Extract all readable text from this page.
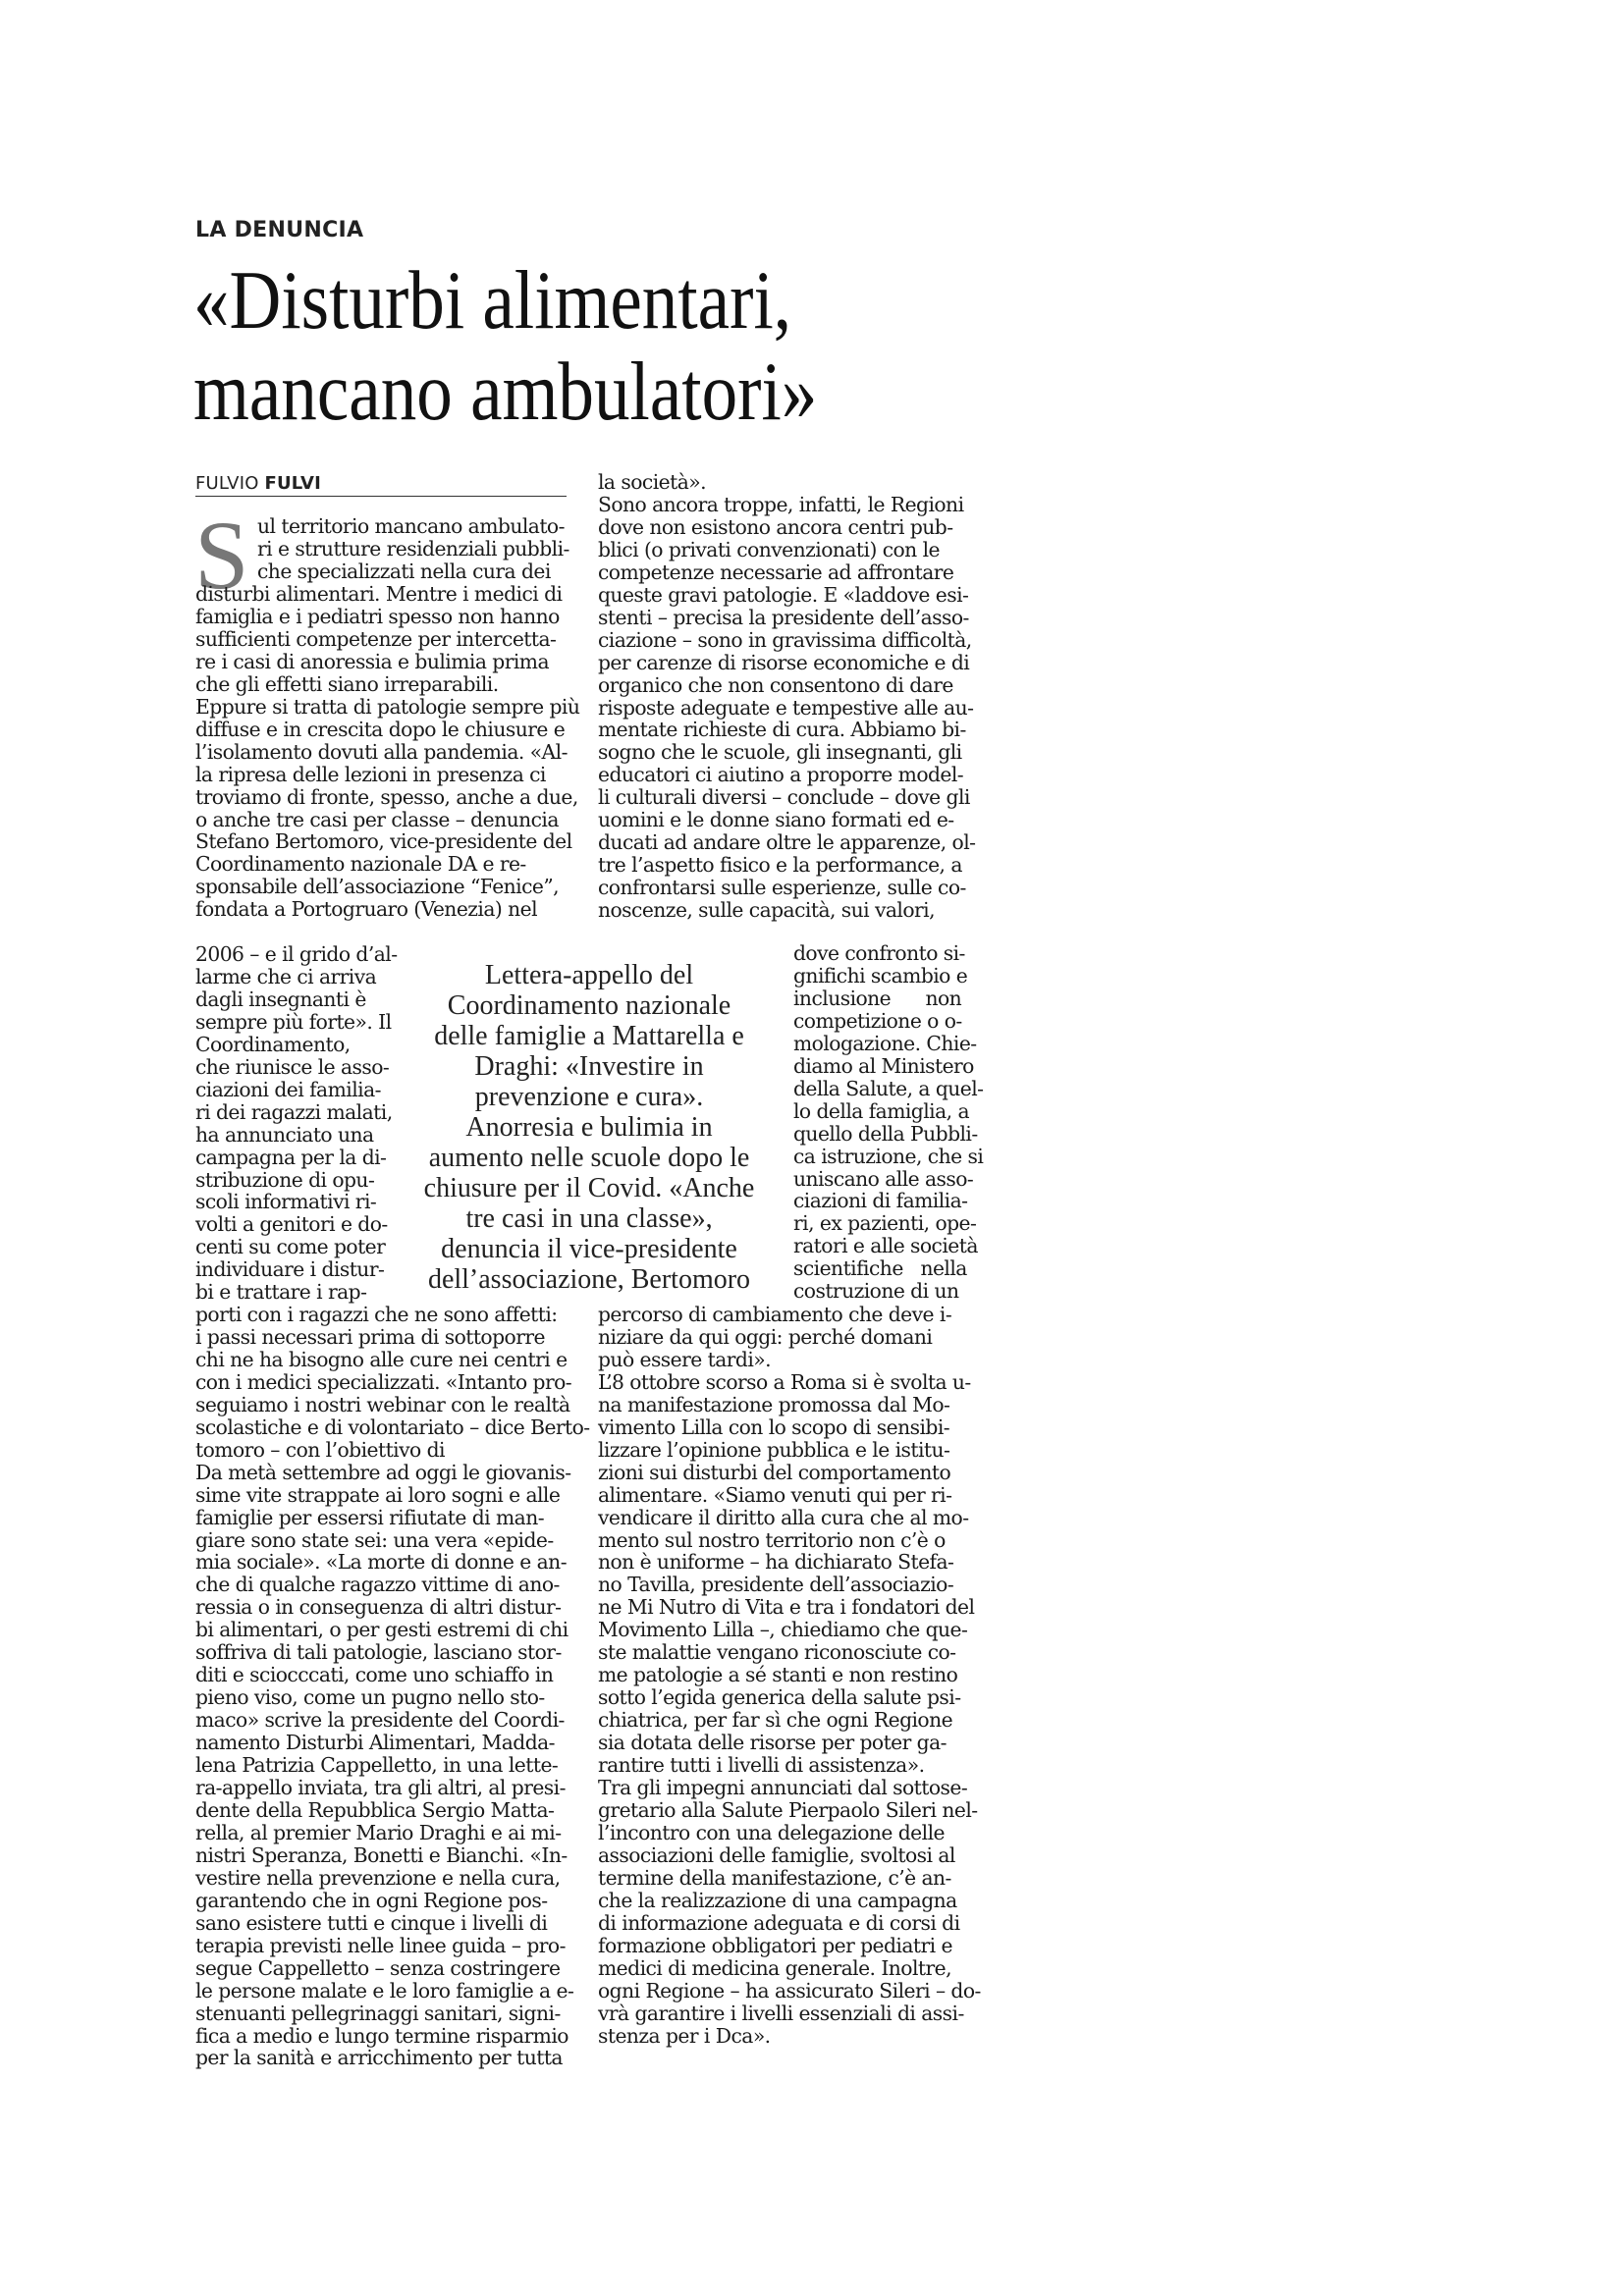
LA DENUNCIA
«Disturbi alimentari,
mancano ambulatori»
FULVIO FULVI
S ul territorio mancano ambulato-
ri e strutture residenziali pubbli-
che specializzati nella cura dei
disturbi alimentari. Mentre i medici di
famiglia e i pediatri spesso non hanno
sufficienti competenze per intercetta-
re i casi di anoressia e bulimia prima
che gli effetti siano irreparabili.
Eppure si tratta di patologie sempre più
diffuse e in crescita dopo le chiusure e
l’isolamento dovuti alla pandemia. «Al-
la ripresa delle lezioni in presenza ci
troviamo di fronte, spesso, anche a due,
o anche tre casi per classe – denuncia
Stefano Bertomoro, vice-presidente del
Coordinamento nazionale DA e re-
sponsabile dell’associazione “Fenice”,
fondata a Portogruaro (Venezia) nel
2006 – e il grido d’al-
larme che ci arriva
dagli insegnanti è
sempre più forte». Il
Coordinamento,
che riunisce le asso-
ciazioni dei familia-
ri dei ragazzi malati,
ha annunciato una
campagna per la di-
stribuzione di opu-
scoli informativi ri-
volti a genitori e do-
centi su come poter
individuare i distur-
bi e trattare i rap-
porti con i ragazzi che ne sono affetti:
i passi necessari prima di sottoporre
chi ne ha bisogno alle cure nei centri e
con i medici specializzati. «Intanto pro-
seguiamo i nostri webinar con le realtà
scolastiche e di volontariato – dice Berto-
tomoro – con l’obiettivo di
Da metà settembre ad oggi le giovanis-
sime vite strappate ai loro sogni e alle
famiglie per essersi rifiutate di man-
giare sono state sei: una vera «epide-
mia sociale». «La morte di donne e an-
che di qualche ragazzo vittime di ano-
ressia o in conseguenza di altri distur-
bi alimentari, o per gesti estremi di chi
soffriva di tali patologie, lasciano stor-
diti e sciocccati, come uno schiaffo in
pieno viso, come un pugno nello sto-
maco» scrive la presidente del Coordi-
namento Disturbi Alimentari, Madda-
lena Patrizia Cappelletto, in una lette-
ra-appello inviata, tra gli altri, al presi-
dente della Repubblica Sergio Matta-
rella, al premier Mario Draghi e ai mi-
nistri Speranza, Bonetti e Bianchi. «In-
vestire nella prevenzione e nella cura,
garantendo che in ogni Regione pos-
sano esistere tutti e cinque i livelli di
terapia previsti nelle linee guida – pro-
segue Cappelletto – senza costringere
le persone malate e le loro famiglie a e-
stenuanti pellegrinaggi sanitari, signi-
fica a medio e lungo termine risparmio
per la sanità e arricchimento per tutta
Lettera-appello del
Coordinamento nazionale
delle famiglie a Mattarella e
Draghi: «Investire in
prevenzione e cura».
Anorresia e bulimia in
aumento nelle scuole dopo le
chiusure per il Covid. «Anche
tre casi in una classe»,
denuncia il vice-presidente
dell’associazione, Bertomoro
la società».
Sono ancora troppe, infatti, le Regioni
dove non esistono ancora centri pub-
blici (o privati convenzionati) con le
competenze necessarie ad affrontare
queste gravi patologie. E «laddove esi-
stenti – precisa la presidente dell’asso-
ciazione – sono in gravissima difficoltà,
per carenze di risorse economiche e di
organico che non consentono di dare
risposte adeguate e tempestive alle au-
mentate richieste di cura. Abbiamo bi-
sogno che le scuole, gli insegnanti, gli
educatori ci aiutino a proporre model-
li culturali diversi – conclude – dove gli
uomini e le donne siano formati ed e-
ducati ad andare oltre le apparenze, ol-
tre l’aspetto fisico e la performance, a
confrontarsi sulle esperienze, sulle co-
noscenze, sulle capacità, sui valori,
dove confronto si-
gnifichi scambio e
inclusione      non
competizione o o-
mologazione. Chie-
diamo al Ministero
della Salute, a quel-
lo della famiglia, a
quello della Pubbli-
ca istruzione, che si
uniscano alle asso-
ciazioni di familia-
ri, ex pazienti, ope-
ratori e alle società
scientifiche   nella
costruzione di un
percorso di cambiamento che deve i-
niziare da qui oggi: perché domani
può essere tardi».
L’8 ottobre scorso a Roma si è svolta u-
na manifestazione promossa dal Mo-
vimento Lilla con lo scopo di sensibi-
lizzare l’opinione pubblica e le istitu-
zioni sui disturbi del comportamento
alimentare. «Siamo venuti qui per ri-
vendicare il diritto alla cura che al mo-
mento sul nostro territorio non c’è o
non è uniforme – ha dichiarato Stefa-
no Tavilla, presidente dell’associazio-
ne Mi Nutro di Vita e tra i fondatori del
Movimento Lilla –, chiediamo che que-
ste malattie vengano riconosciute co-
me patologie a sé stanti e non restino
sotto l’egida generica della salute psi-
chiatrica, per far sì che ogni Regione
sia dotata delle risorse per poter ga-
rantire tutti i livelli di assistenza».
Tra gli impegni annunciati dal sottose-
gretario alla Salute Pierpaolo Sileri nel-
l’incontro con una delegazione delle
associazioni delle famiglie, svoltosi al
termine della manifestazione, c’è an-
che la realizzazione di una campagna
di informazione adeguata e di corsi di
formazione obbligatori per pediatri e
medici di medicina generale. Inoltre,
ogni Regione – ha assicurato Sileri – do-
vrà garantire i livelli essenziali di assi-
stenza per i Dca».
